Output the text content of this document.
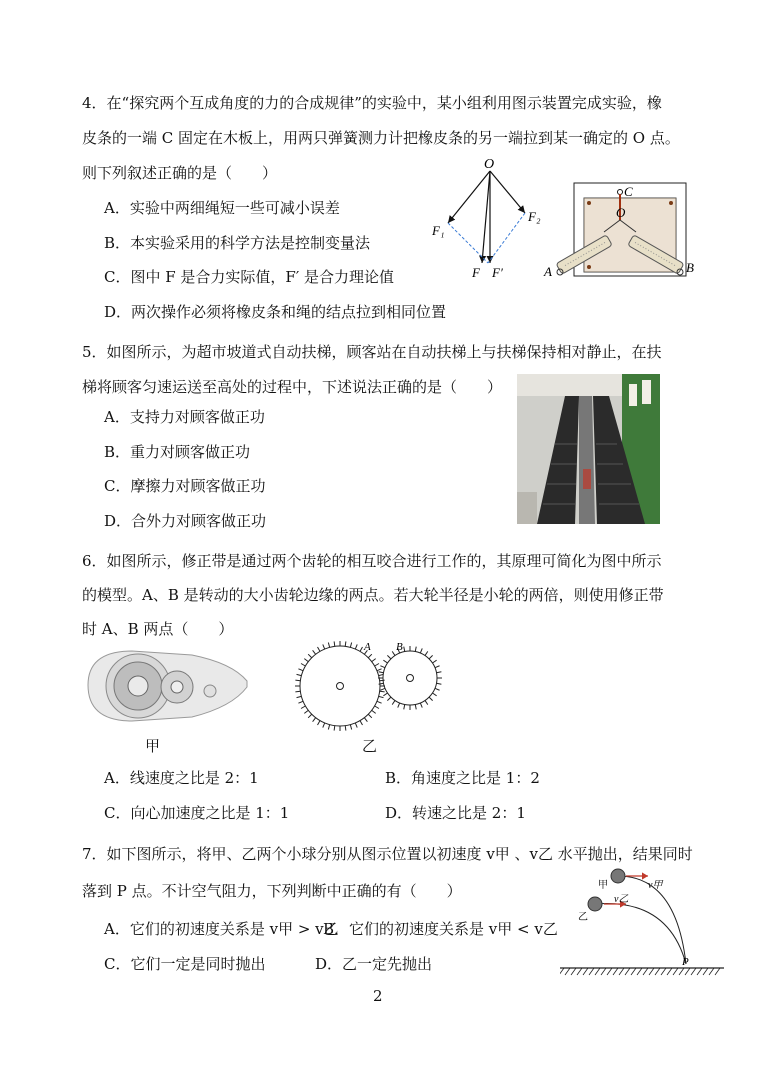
4．在“探究两个互成角度的力的合成规律”的实验中，某小组利用图示装置完成实验，橡
皮条的一端 C 固定在木板上，用两只弹簧测力计把橡皮条的另一端拉到某一确定的 O 点。
则下列叙述正确的是（　　）
A．实验中两细绳短一些可减小误差
B．本实验采用的科学方法是控制变量法
C．图中 F 是合力实际值，F′ 是合力理论值
D．两次操作必须将橡皮条和绳的结点拉到相同位置
O
F₁
F₂
F F′
C
O
A	B
5．如图所示，为超市坡道式自动扶梯，顾客站在自动扶梯上与扶梯保持相对静止，在扶
梯将顾客匀速运送至高处的过程中，下述说法正确的是（　　）
A．支持力对顾客做正功
B．重力对顾客做正功
C．摩擦力对顾客做正功
D．合外力对顾客做正功
6．如图所示，修正带是通过两个齿轮的相互咬合进行工作的，其原理可简化为图中所示
的模型。A、B 是转动的大小齿轮边缘的两点。若大轮半径是小轮的两倍，则使用修正带
时 A、B 两点（　　）
甲
A B
乙
A．线速度之比是 2：1	B．角速度之比是 1：2
C．向心加速度之比是 1：1	D．转速之比是 2：1
7．如下图所示，将甲、乙两个小球分别从图示位置以初速度 v甲 、v乙 水平抛出，结果同时
落到 P 点。不计空气阻力，下列判断中正确的有（　　）
A．它们的初速度关系是 v甲 > v乙
B．它们的初速度关系是 v甲 < v乙
C．它们一定是同时抛出	D．乙一定先抛出
甲
乙
v甲
v乙
P
2
